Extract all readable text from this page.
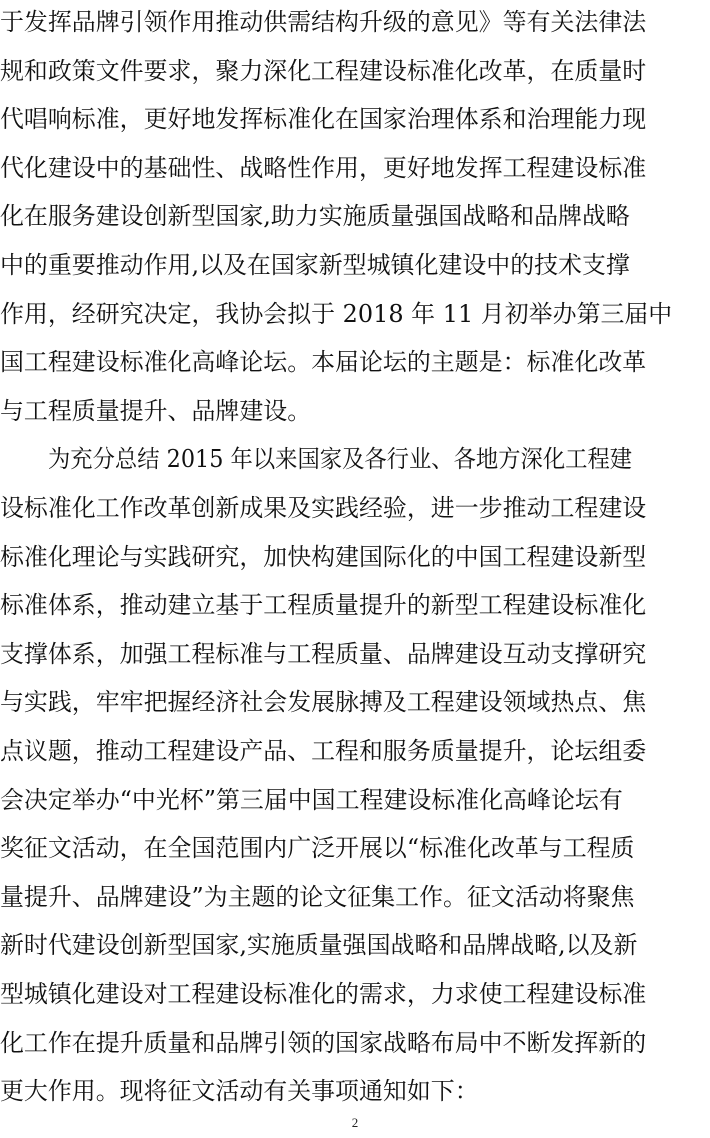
于发挥品牌引领作用推动供需结构升级的意见》等有关法律法
规和政策文件要求，聚力深化工程建设标准化改革，在质量时
代唱响标准，更好地发挥标准化在国家治理体系和治理能力现
代化建设中的基础性、战略性作用，更好地发挥工程建设标准
化在服务建设创新型国家,助力实施质量强国战略和品牌战略
中的重要推动作用,以及在国家新型城镇化建设中的技术支撑
作用，经研究决定，我协会拟于 2018 年 11 月初举办第三届中
国工程建设标准化高峰论坛。本届论坛的主题是：标准化改革
与工程质量提升、品牌建设。
为充分总结 2015 年以来国家及各行业、各地方深化工程建
设标准化工作改革创新成果及实践经验，进一步推动工程建设
标准化理论与实践研究，加快构建国际化的中国工程建设新型
标准体系，推动建立基于工程质量提升的新型工程建设标准化
支撑体系，加强工程标准与工程质量、品牌建设互动支撑研究
与实践，牢牢把握经济社会发展脉搏及工程建设领域热点、焦
点议题，推动工程建设产品、工程和服务质量提升，论坛组委
会决定举办“中光杯”第三届中国工程建设标准化高峰论坛有
奖征文活动，在全国范围内广泛开展以“标准化改革与工程质
量提升、品牌建设”为主题的论文征集工作。征文活动将聚焦
新时代建设创新型国家,实施质量强国战略和品牌战略,以及新
型城镇化建设对工程建设标准化的需求，力求使工程建设标准
化工作在提升质量和品牌引领的国家战略布局中不断发挥新的
更大作用。现将征文活动有关事项通知如下：
2
